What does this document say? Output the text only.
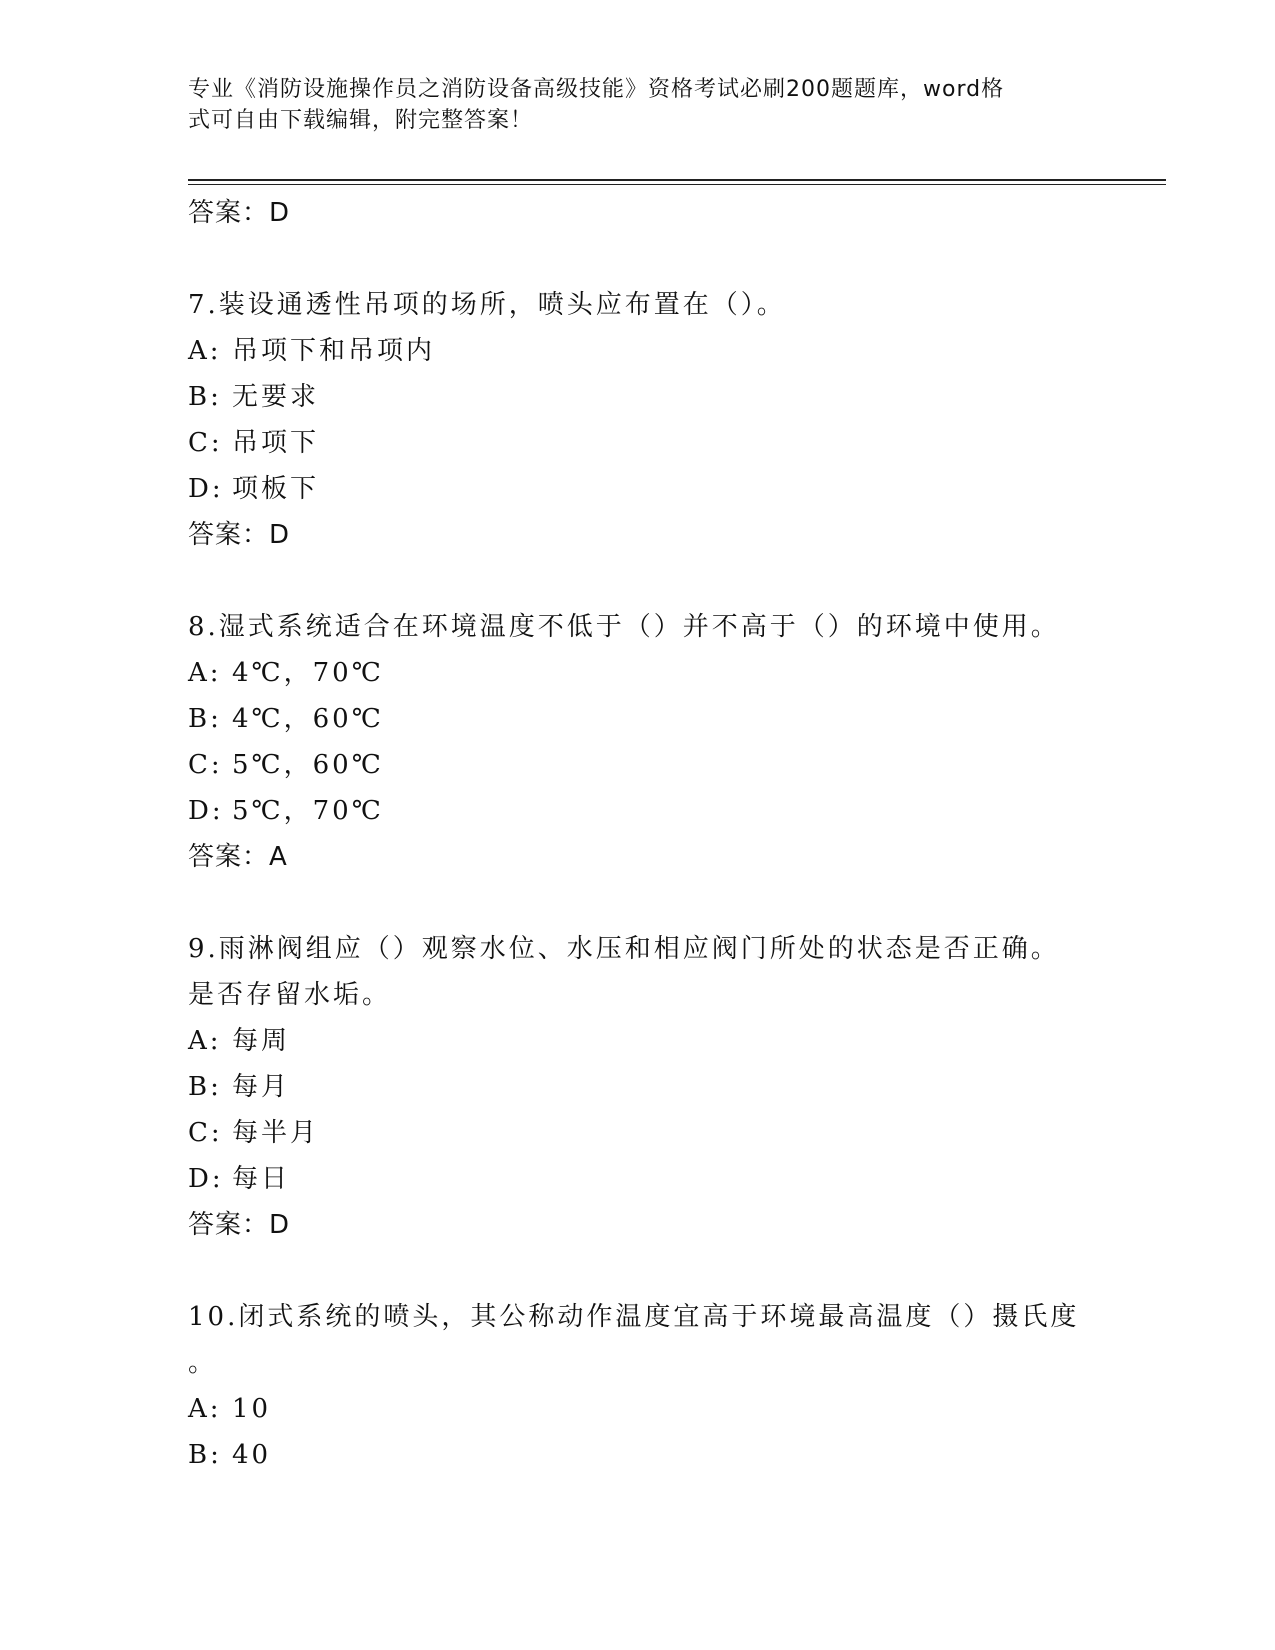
专业《消防设施操作员之消防设备高级技能》资格考试必刷200题题库，word格
式可自由下载编辑，附完整答案！
答案：D
7.装设通透性吊项的场所，喷头应布置在（）。
A: 吊项下和吊项内
B: 无要求
C: 吊项下
D: 项板下
答案：D
8.湿式系统适合在环境温度不低于（）并不高于（）的环境中使用。
A: 4℃，70℃
B: 4℃，60℃
C: 5℃，60℃
D: 5℃，70℃
答案：A
9.雨淋阀组应（）观察水位、水压和相应阀门所处的状态是否正确。
是否存留水垢。
A: 每周
B: 每月
C: 每半月
D: 每日
答案：D
10.闭式系统的喷头，其公称动作温度宜高于环境最高温度（）摄氏度
。
A: 10
B: 40
